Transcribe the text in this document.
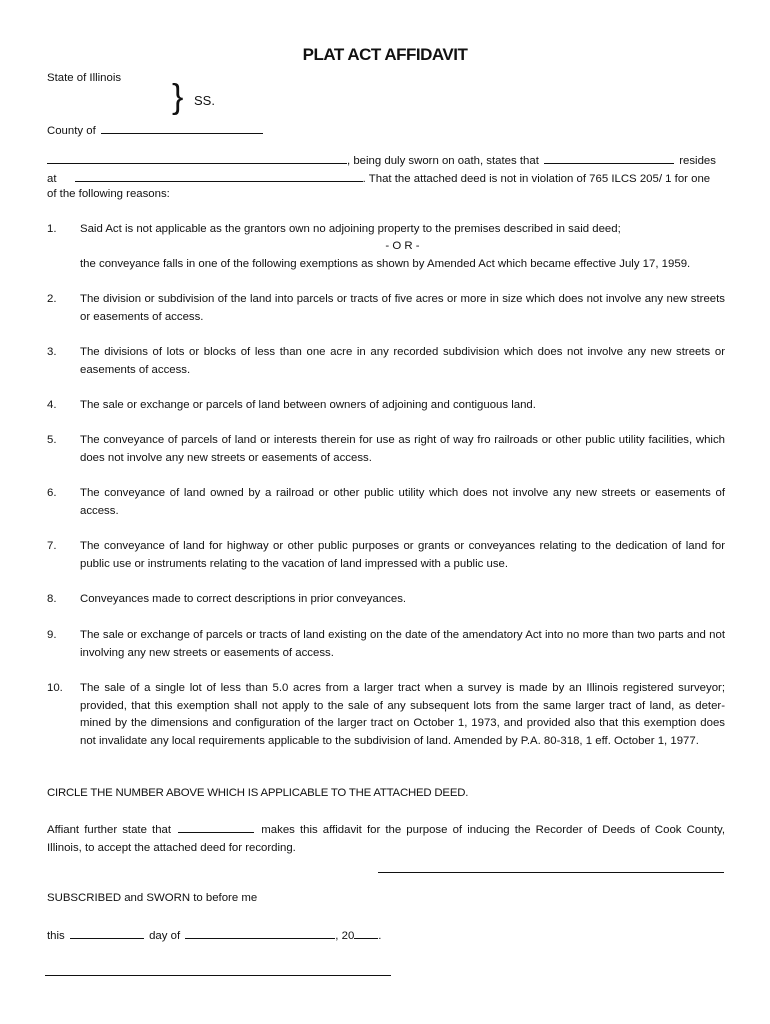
PLAT ACT AFFIDAVIT
State of Illinois } SS.
County of
, being duly sworn on oath, states that	resides
at	. That the attached deed is not in violation of 765 ILCS 205/ 1 for one
of the following reasons:
1.	Said Act is not applicable as the grantors own no adjoining property to the premises described in said deed;
- O R -
the conveyance falls in one of the following exemptions as shown by Amended Act which became effective July 17, 1959.
2.	The division or subdivision of the land into parcels or tracts of five acres or more in size which does not involve any new streets or easements of access.
3.	The divisions of lots or blocks of less than one acre in any recorded subdivision which does not involve any new streets or easements of access.
4.	The sale or exchange or parcels of land between owners of adjoining and contiguous land.
5.	The conveyance of parcels of land or interests therein for use as right of way fro railroads or other public utility facilities, which does not involve any new streets or easements of access.
6.	The conveyance of land owned by a railroad or other public utility which does not involve any new streets or easements of access.
7.	The conveyance of land for highway or other public purposes or grants or conveyances relating to the dedication of land for public use or instruments relating to the vacation of land impressed with a public use.
8.	Conveyances made to correct descriptions in prior conveyances.
9.	The sale or exchange of parcels or tracts of land existing on the date of the amendatory Act into no more than two parts and not involving any new streets or easements of access.
10.	The sale of a single lot of less than 5.0 acres from a larger tract when a survey is made by an Illinois registered surveyor; provided, that this exemption shall not apply to the sale of any subsequent lots from the same larger tract of land, as deter- mined by the dimensions and configuration of the larger tract on October 1, 1973, and provided also that this exemption does not invalidate any local requirements applicable to the subdivision of land. Amended by P.A. 80-318, 1 eff. October 1, 1977.
CIRCLE THE NUMBER ABOVE WHICH IS APPLICABLE TO THE ATTACHED DEED.
Affiant further state that	makes this affidavit for the purpose of inducing the Recorder of Deeds of Cook County, Illinois, to accept the attached deed for recording.
SUBSCRIBED and SWORN to before me
this	day of	, 20 .
